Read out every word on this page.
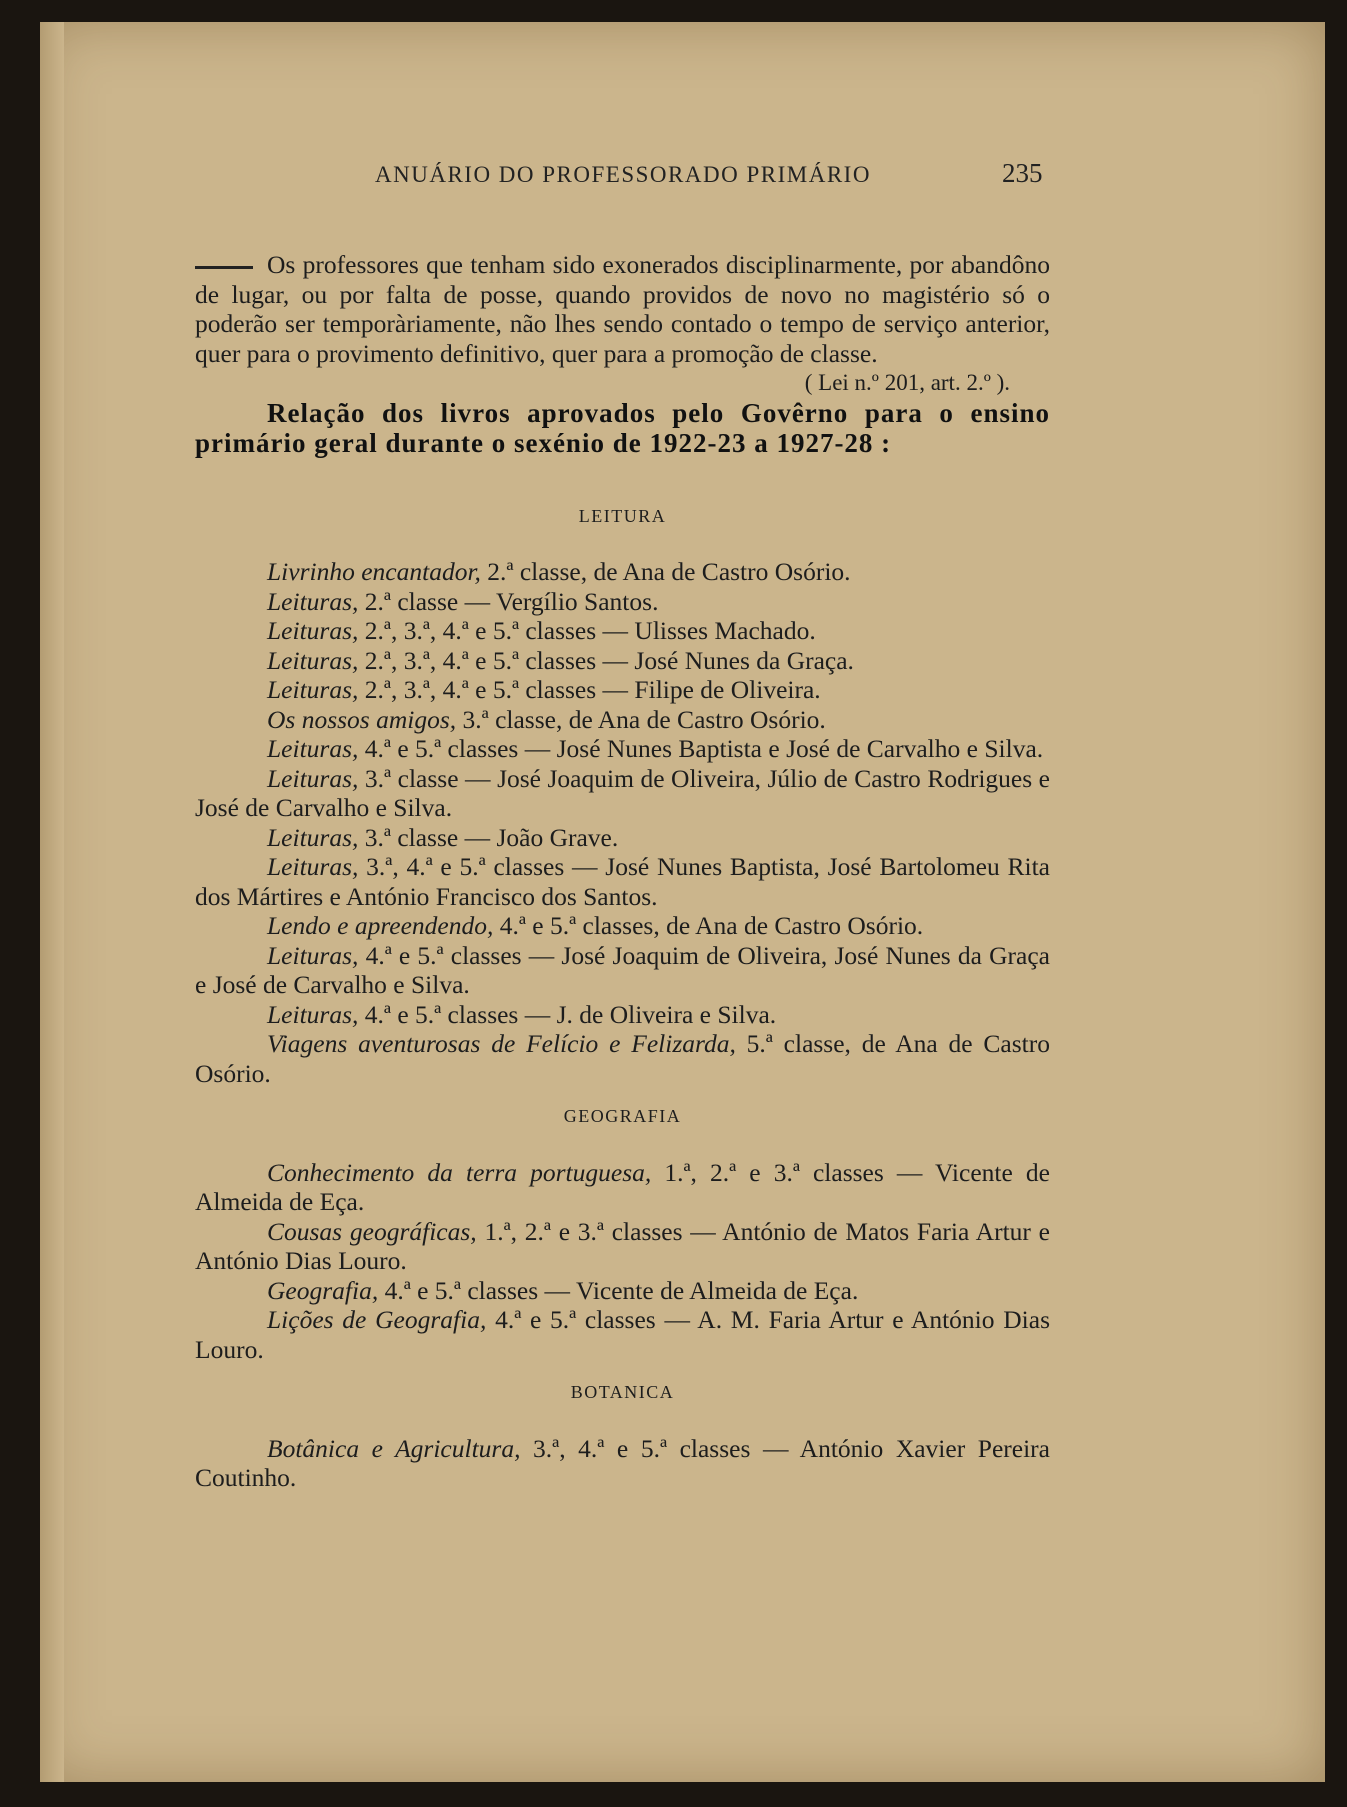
ANUÁRIO DO PROFESSORADO PRIMÁRIO	235

Os professores que tenham sido exonerados disciplinarmente, por abandôno de lugar, ou por falta de posse, quando providos de novo no magistério só o poderão ser temporàriamente, não lhes sendo contado o tempo de serviço anterior, quer para o provimento definitivo, quer para a promoção de classe.

( Lei n.º 201, art. 2.º ).

Relação dos livros aprovados pelo Govêrno para o ensino primário geral durante o sexénio de 1922-23 a 1927-28 :

LEITURA

Livrinho encantador, 2.ª classe, de Ana de Castro Osório.

Leituras, 2.ª classe — Vergílio Santos.

Leituras, 2.ª, 3.ª, 4.ª e 5.ª classes — Ulisses Machado.

Leituras, 2.ª, 3.ª, 4.ª e 5.ª classes — José Nunes da Graça.

Leituras, 2.ª, 3.ª, 4.ª e 5.ª classes — Filipe de Oliveira.

Os nossos amigos, 3.ª classe, de Ana de Castro Osório.

Leituras, 4.ª e 5.ª classes — José Nunes Baptista e José de Carvalho e Silva.

Leituras, 3.ª classe — José Joaquim de Oliveira, Júlio de Castro Rodrigues e José de Carvalho e Silva.

Leituras, 3.ª classe — João Grave.

Leituras, 3.ª, 4.ª e 5.ª classes — José Nunes Baptista, José Bartolomeu Rita dos Mártires e António Francisco dos Santos.

Lendo e apreendendo, 4.ª e 5.ª classes, de Ana de Castro Osório.

Leituras, 4.ª e 5.ª classes — José Joaquim de Oliveira, José Nunes da Graça e José de Carvalho e Silva.

Leituras, 4.ª e 5.ª classes — J. de Oliveira e Silva.

Viagens aventurosas de Felício e Felizarda, 5.ª classe, de Ana de Castro Osório.

GEOGRAFIA

Conhecimento da terra portuguesa, 1.ª, 2.ª e 3.ª classes — Vicente de Almeida de Eça.

Cousas geográficas, 1.ª, 2.ª e 3.ª classes — António de Matos Faria Artur e António Dias Louro.

Geografia, 4.ª e 5.ª classes — Vicente de Almeida de Eça.

Lições de Geografia, 4.ª e 5.ª classes — A. M. Faria Artur e António Dias Louro.

BOTANICA

Botânica e Agricultura, 3.ª, 4.ª e 5.ª classes — António Xavier Pereira Coutinho.
